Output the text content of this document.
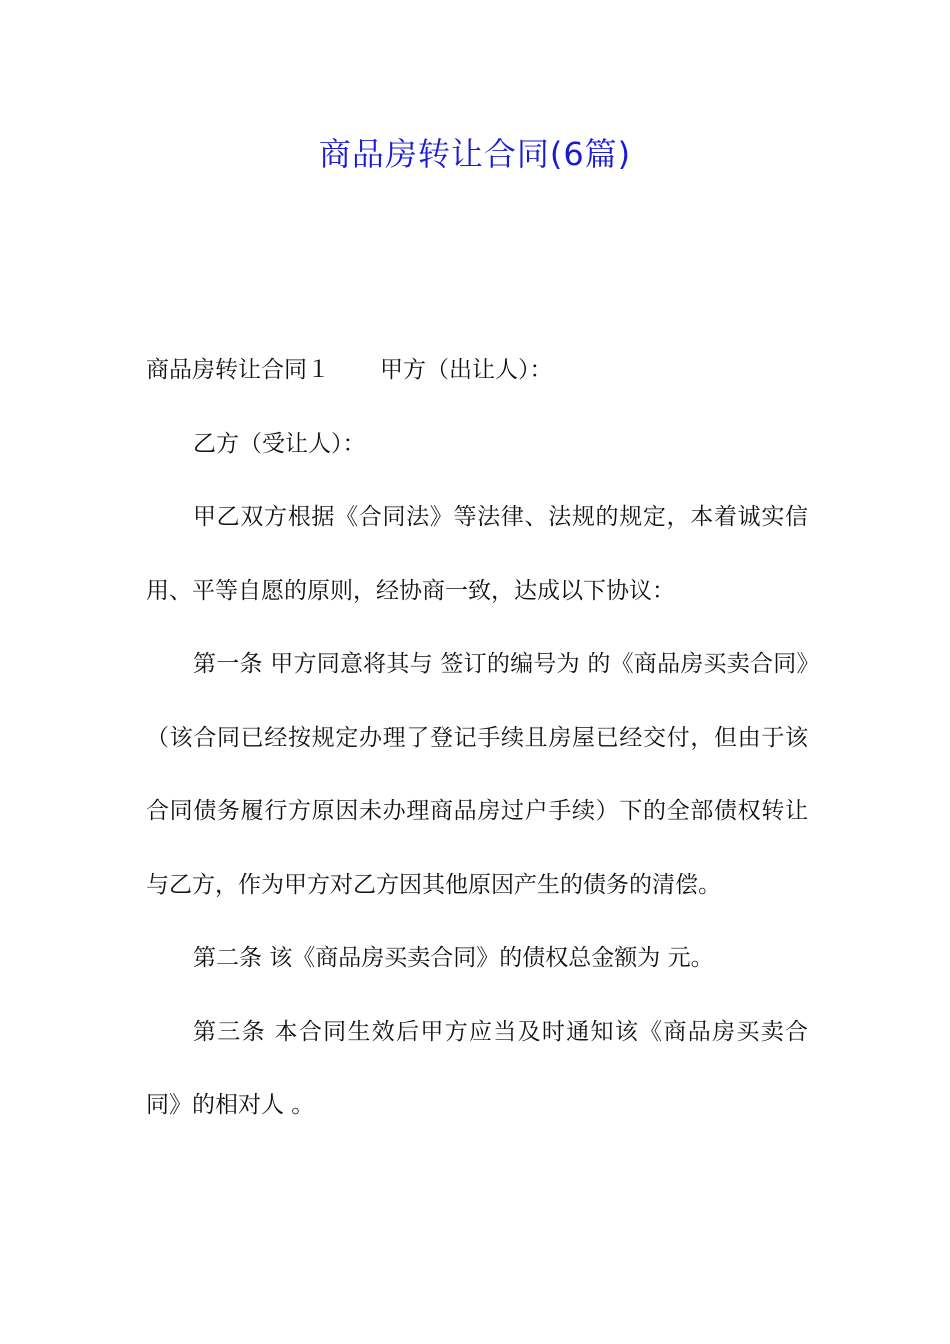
商品房转让合同(6篇)

商品房转让合同１ 甲方（出让人）：

乙方（受让人）：

甲乙双方根据《合同法》等法律、法规的规定，本着诚实信用、平等自愿的原则，经协商一致，达成以下协议：

第一条 甲方同意将其与 签订的编号为 的《商品房买卖合同》（该合同已经按规定办理了登记手续且房屋已经交付，但由于该合同债务履行方原因未办理商品房过户手续）下的全部债权转让与乙方，作为甲方对乙方因其他原因产生的债务的清偿。

第二条 该《商品房买卖合同》的债权总金额为 元。

第三条 本合同生效后甲方应当及时通知该《商品房买卖合同》的相对人 。
